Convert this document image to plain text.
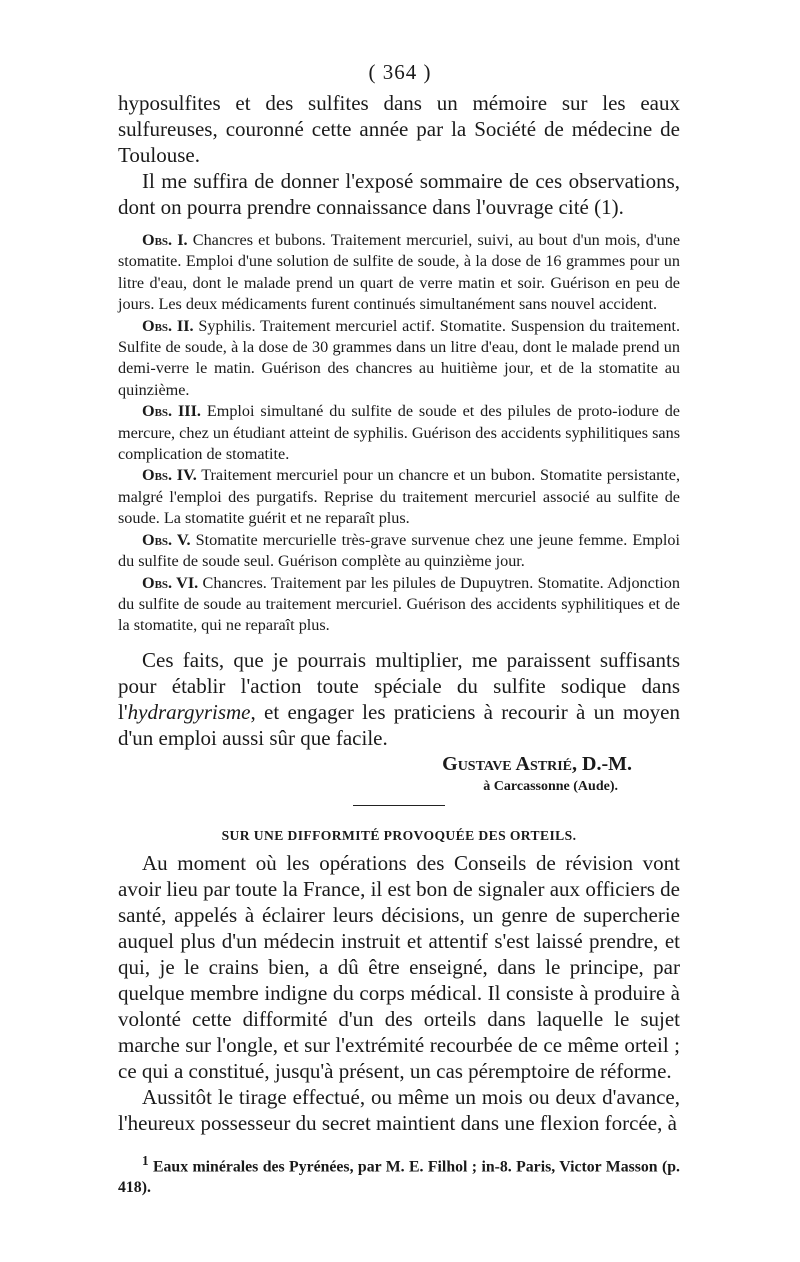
( 364 )

hyposulfites et des sulfites dans un mémoire sur les eaux sulfureuses, couronné cette année par la Société de médecine de Toulouse.

Il me suffira de donner l'exposé sommaire de ces observations, dont on pourra prendre connaissance dans l'ouvrage cité (1).

Obs. I. Chancres et bubons. Traitement mercuriel, suivi, au bout d'un mois, d'une stomatite. Emploi d'une solution de sulfite de soude, à la dose de 16 grammes pour un litre d'eau, dont le malade prend un quart de verre matin et soir. Guérison en peu de jours. Les deux médicaments furent continués simultanément sans nouvel accident.

Obs. II. Syphilis. Traitement mercuriel actif. Stomatite. Suspension du traitement. Sulfite de soude, à la dose de 30 grammes dans un litre d'eau, dont le malade prend un demi-verre le matin. Guérison des chancres au huitième jour, et de la stomatite au quinzième.

Obs. III. Emploi simultané du sulfite de soude et des pilules de proto-iodure de mercure, chez un étudiant atteint de syphilis. Guérison des accidents syphilitiques sans complication de stomatite.

Obs. IV. Traitement mercuriel pour un chancre et un bubon. Stomatite persistante, malgré l'emploi des purgatifs. Reprise du traitement mercuriel associé au sulfite de soude. La stomatite guérit et ne reparaît plus.

Obs. V. Stomatite mercurielle très-grave survenue chez une jeune femme. Emploi du sulfite de soude seul. Guérison complète au quinzième jour.

Obs. VI. Chancres. Traitement par les pilules de Dupuytren. Stomatite. Adjonction du sulfite de soude au traitement mercuriel. Guérison des accidents syphilitiques et de la stomatite, qui ne reparaît plus.

Ces faits, que je pourrais multiplier, me paraissent suffisants pour établir l'action toute spéciale du sulfite sodique dans l'hydrargyrisme, et engager les praticiens à recourir à un moyen d'un emploi aussi sûr que facile.

Gustave Astrié, D.-M.
à Carcassonne (Aude).
SUR UNE DIFFORMITÉ PROVOQUÉE DES ORTEILS.

Au moment où les opérations des Conseils de révision vont avoir lieu par toute la France, il est bon de signaler aux officiers de santé, appelés à éclairer leurs décisions, un genre de supercherie auquel plus d'un médecin instruit et attentif s'est laissé prendre, et qui, je le crains bien, a dû être enseigné, dans le principe, par quelque membre indigne du corps médical. Il consiste à produire à volonté cette difformité d'un des orteils dans laquelle le sujet marche sur l'ongle, et sur l'extrémité recourbée de ce même orteil ; ce qui a constitué, jusqu'à présent, un cas péremptoire de réforme.

Aussitôt le tirage effectué, ou même un mois ou deux d'avance, l'heureux possesseur du secret maintient dans une flexion forcée, à

$^1$ Eaux minérales des Pyrénées, par M. E. Filhol ; in-8. Paris, Victor Masson (p. 418).
